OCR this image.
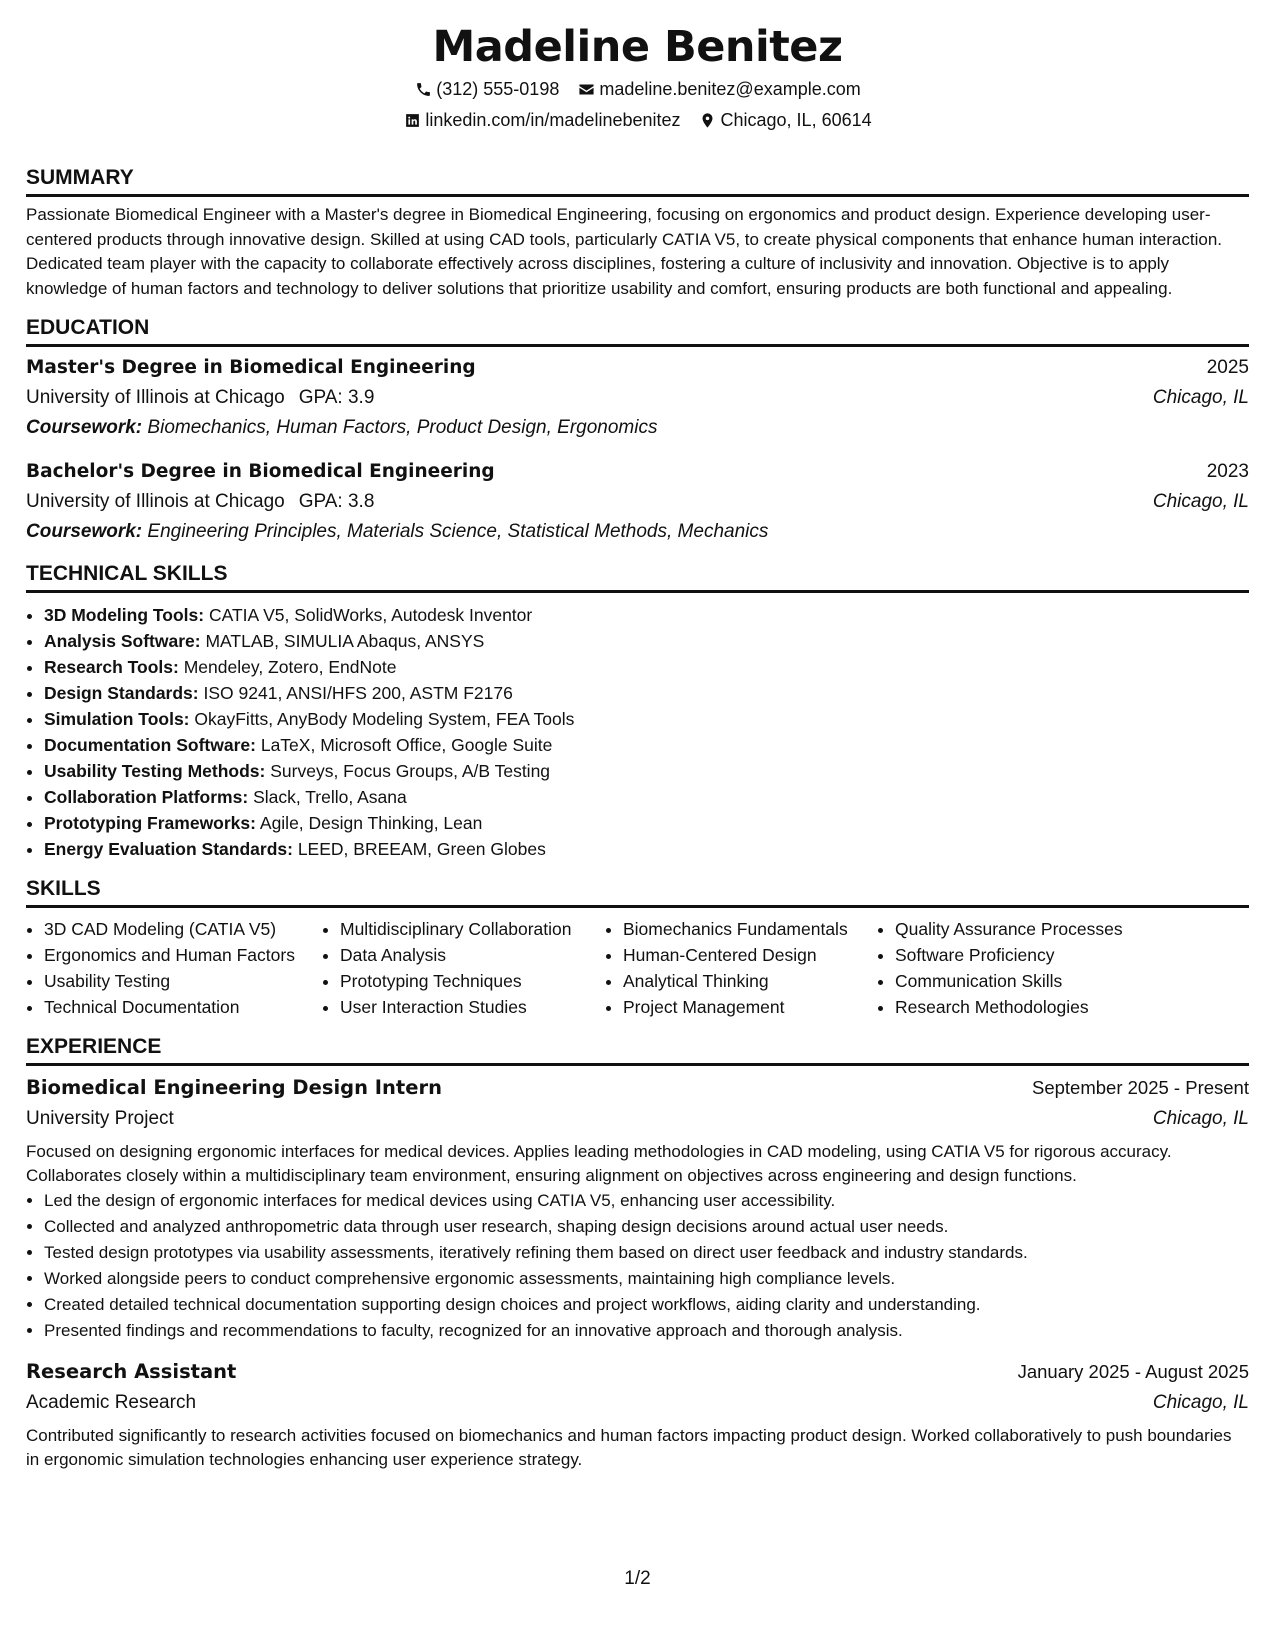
Madeline Benitez
(312) 555-0198 madeline.benitez@example.com
linkedin.com/in/madelinebenitez Chicago, IL, 60614
SUMMARY

Passionate Biomedical Engineer with a Master's degree in Biomedical Engineering, focusing on ergonomics and product design. Experience developing user-centered products through innovative design. Skilled at using CAD tools, particularly CATIA V5, to create physical components that enhance human interaction. Dedicated team player with the capacity to collaborate effectively across disciplines, fostering a culture of inclusivity and innovation. Objective is to apply knowledge of human factors and technology to deliver solutions that prioritize usability and comfort, ensuring products are both functional and appealing.

EDUCATION
Master's Degree in Biomedical Engineering	2025
University of Illinois at Chicago GPA: 3.9	Chicago, IL
Coursework: Biomechanics, Human Factors, Product Design, Ergonomics
Bachelor's Degree in Biomedical Engineering	2023
University of Illinois at Chicago GPA: 3.8	Chicago, IL
Coursework: Engineering Principles, Materials Science, Statistical Methods, Mechanics
TECHNICAL SKILLS
• 3D Modeling Tools: CATIA V5, SolidWorks, Autodesk Inventor
• Analysis Software: MATLAB, SIMULIA Abaqus, ANSYS
• Research Tools: Mendeley, Zotero, EndNote
• Design Standards: ISO 9241, ANSI/HFS 200, ASTM F2176
• Simulation Tools: OkayFitts, AnyBody Modeling System, FEA Tools
• Documentation Software: LaTeX, Microsoft Office, Google Suite
• Usability Testing Methods: Surveys, Focus Groups, A/B Testing
• Collaboration Platforms: Slack, Trello, Asana
• Prototyping Frameworks: Agile, Design Thinking, Lean
• Energy Evaluation Standards: LEED, BREEAM, Green Globes
SKILLS
• 3D CAD Modeling (CATIA V5)
• Ergonomics and Human Factors
• Usability Testing
• Technical Documentation
• Multidisciplinary Collaboration
• Data Analysis
• Prototyping Techniques
• User Interaction Studies
• Biomechanics Fundamentals
• Human-Centered Design
• Analytical Thinking
• Project Management
• Quality Assurance Processes
• Software Proficiency
• Communication Skills
• Research Methodologies
EXPERIENCE
Biomedical Engineering Design Intern	September 2025 - Present
University Project	Chicago, IL
Focused on designing ergonomic interfaces for medical devices. Applies leading methodologies in CAD modeling, using CATIA V5 for rigorous accuracy. Collaborates closely within a multidisciplinary team environment, ensuring alignment on objectives across engineering and design functions.
• Led the design of ergonomic interfaces for medical devices using CATIA V5, enhancing user accessibility.
• Collected and analyzed anthropometric data through user research, shaping design decisions around actual user needs.
• Tested design prototypes via usability assessments, iteratively refining them based on direct user feedback and industry standards.
• Worked alongside peers to conduct comprehensive ergonomic assessments, maintaining high compliance levels.
• Created detailed technical documentation supporting design choices and project workflows, aiding clarity and understanding.
• Presented findings and recommendations to faculty, recognized for an innovative approach and thorough analysis.
Research Assistant	January 2025 - August 2025
Academic Research	Chicago, IL
Contributed significantly to research activities focused on biomechanics and human factors impacting product design. Worked collaboratively to push boundaries in ergonomic simulation technologies enhancing user experience strategy.
1/2
